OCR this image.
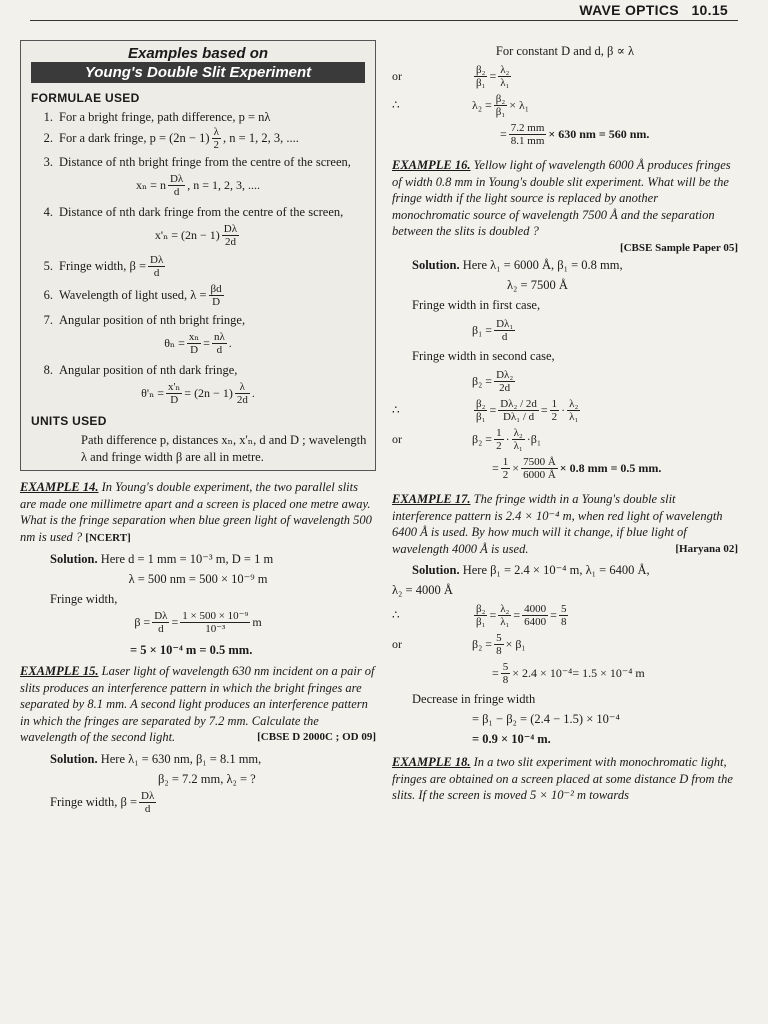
WAVE OPTICS 10.15
Examples based on
Young's Double Slit Experiment
FORMULAE USED
1. For a bright fringe, path difference, p = nλ
2. For a dark fringe, $p = (2n - 1) \frac{\lambda}{2}$ , n = 1, 2, 3, ....
3. Distance of nth bright fringe from the centre of the screen,
xₙ = n $\frac{D\lambda}{d}$ , n = 1, 2, 3, ....
4. Distance of nth dark fringe from the centre of the screen,
$x'_n = (2n - 1) \frac{D\lambda}{2d}$
5. Fringe width, $\beta = \frac{D\lambda}{d}$
6. Wavelength of light used, $\lambda = \frac{\beta d}{D}$
7. Angular position of nth bright fringe,
$\theta_n = \frac{\text{xₙ}}{D} = \frac{n\lambda}{d}$ .
8. Angular position of nth dark fringe,
$\theta'_n = \frac{\text{x'ₙ}}{D} = (2n - 1) \frac{\lambda}{2d}$ .
UNITS USED
Path difference p, distances xₙ, x'ₙ, d and D ; wavelength λ and fringe width β are all in metre.
EXAMPLE 14. In Young's double experiment, the two parallel slits are made one millimetre apart and a screen is placed one metre away. What is the fringe separation when blue green light of wavelength 500 nm is used ? [NCERT]
Solution. Here d = 1 mm = 10⁻³ m, D = 1 m
λ = 500 nm = 500 × 10⁻⁹ m
Fringe width,
$\beta = \frac{D\lambda}{d} = \frac{\text{1 × 500 × 10⁻⁹}}{\text{10⁻³}}$ m
= 5 × 10⁻⁴ m = 0.5 mm.
EXAMPLE 15. Laser light of wavelength 630 nm incident on a pair of slits produces an interference pattern in which the bright fringes are separated by 8.1 mm. A second light produces an interference pattern in which the fringes are separated by 7.2 mm. Calculate the wavelength of the second light.	[CBSE D 2000C ; OD 09]
Solution. Here λ₁ = 630 nm, β₁ = 8.1 mm,
β₂ = 7.2 mm, λ₂ = ?
Fringe width, $\beta = \frac{D\lambda}{d}$
For constant D and d, β ∝ λ
or	$\frac{\text{β₂}}{\text{β₁}} = \frac{\text{λ₂}}{\text{λ₁}}$
∴	$\lambda_2 = \frac{\text{β₂}}{\text{β₁}} \times \lambda_1$
= $\frac{7.2 mm}{8.1 mm} \times 630$ nm = 560 nm.
EXAMPLE 16. Yellow light of wavelength 6000 Å produces fringes of width 0.8 mm in Young's double slit experiment. What will be the fringe width if the light source is replaced by another monochromatic source of wavelength 7500 Å and the separation between the slits is doubled ?

[CBSE Sample Paper 05]
Solution. Here λ₁ = 6000 Å, β₁ = 0.8 mm,
λ₂ = 7500 Å
Fringe width in first case,
$\beta_1 = \frac{\text{Dλ₁}}{d}$
Fringe width in second case,
$\beta_2 = \frac{\text{Dλ₂}}{2d}$
∴	$\frac{\text{β₂}}{\text{β₁}} = \frac{\text{Dλ₂ / 2d}}{\text{Dλ₁ / d}} = \frac{1}{2} \cdot \frac{\text{λ₂}}{\text{λ₁}}$
or	$\beta_2 = \frac{1}{2} \cdot \frac{\text{λ₂}}{\text{λ₁}} \cdot\beta_1$
= $\frac{1}{2} \times \frac{7500 Å}{6000 Å} \times 0.8$ mm = 0.5 mm.
EXAMPLE 17. The fringe width in a Young's double slit interference pattern is 2.4 × 10⁻⁴ m, when red light of wavelength 6400 Å is used. By how much will it change, if blue light of wavelength 4000 Å is used.	[Haryana 02]
Solution. Here β₁ = 2.4 × 10⁻⁴ m, λ₁ = 6400 Å,
λ₂ = 4000 Å
∴	$\frac{\text{β₂}}{\text{β₁}} = \frac{\text{λ₂}}{\text{λ₁}} = \frac{4000}{6400} = \frac{5}{8}$
or	$\beta_2 = \frac{5}{8} \times \beta_1$
= $\frac{5}{8} \times 2.4 \times 10^{-4} = 1.5 \times 10^{-4}$ m
Decrease in fringe width
= β₁ − β₂ = (2.4 − 1.5) × 10⁻⁴
= 0.9 × 10⁻⁴ m.
EXAMPLE 18. In a two slit experiment with monochromatic light, fringes are obtained on a screen placed at some distance D from the slits. If the screen is moved 5 × 10⁻² m towards
